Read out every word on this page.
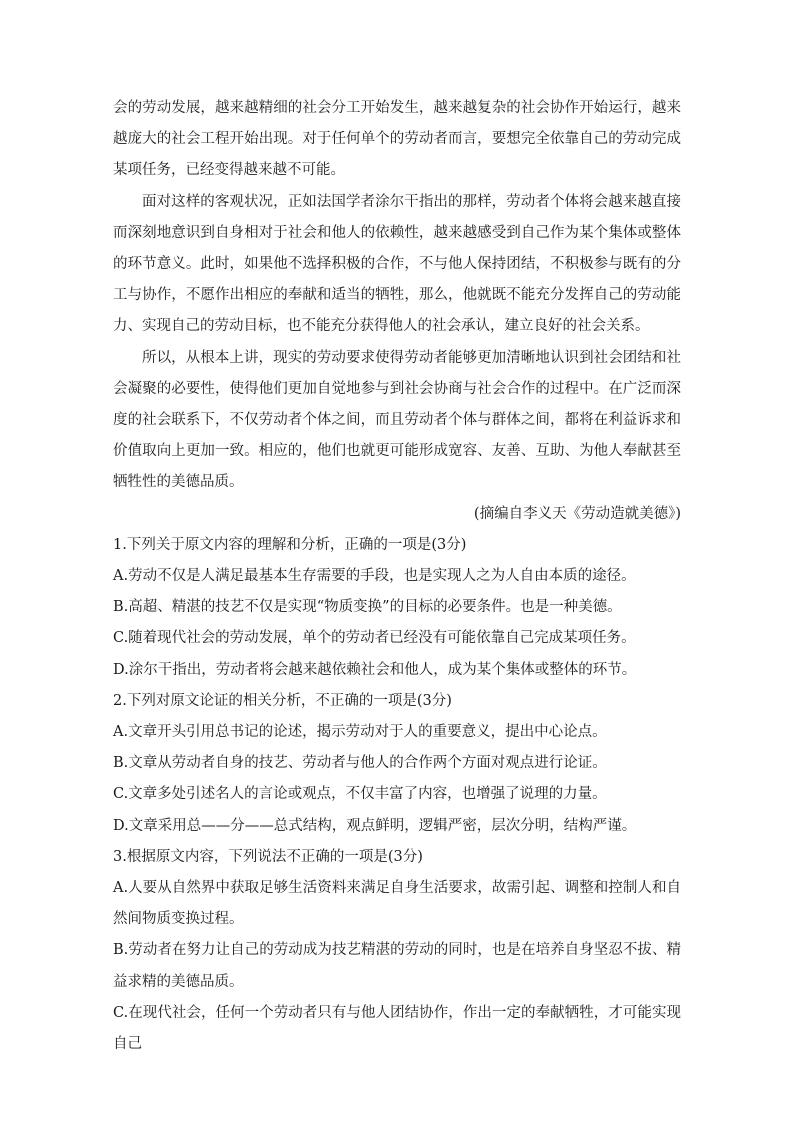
会的劳动发展，越来越精细的社会分工开始发生，越来越复杂的社会协作开始运行，越来越庞大的社会工程开始出现。对于任何单个的劳动者而言，要想完全依靠自己的劳动完成某项任务，已经变得越来越不可能。

面对这样的客观状况，正如法国学者涂尔干指出的那样，劳动者个体将会越来越直接而深刻地意识到自身相对于社会和他人的依赖性，越来越感受到自己作为某个集体或整体的环节意义。此时，如果他不选择积极的合作，不与他人保持团结，不积极参与既有的分工与协作，不愿作出相应的奉献和适当的牺牲，那么，他就既不能充分发挥自己的劳动能力、实现自己的劳动目标，也不能充分获得他人的社会承认，建立良好的社会关系。

所以，从根本上讲，现实的劳动要求使得劳动者能够更加清晰地认识到社会团结和社会凝聚的必要性，使得他们更加自觉地参与到社会协商与社会合作的过程中。在广泛而深度的社会联系下，不仅劳动者个体之间，而且劳动者个体与群体之间，都将在利益诉求和价值取向上更加一致。相应的，他们也就更可能形成宽容、友善、互助、为他人奉献甚至牺牲性的美德品质。

(摘编自李义天《劳动造就美德》)

1.下列关于原文内容的理解和分析，正确的一项是(3分)

A.劳动不仅是人满足最基本生存需要的手段，也是实现人之为人自由本质的途径。

B.高超、精湛的技艺不仅是实现“物质变换”的目标的必要条件。也是一种美德。

C.随着现代社会的劳动发展，单个的劳动者已经没有可能依靠自己完成某项任务。

D.涂尔干指出，劳动者将会越来越依赖社会和他人，成为某个集体或整体的环节。

2.下列对原文论证的相关分析，不正确的一项是(3分)

A.文章开头引用总书记的论述，揭示劳动对于人的重要意义，提出中心论点。

B.文章从劳动者自身的技艺、劳动者与他人的合作两个方面对观点进行论证。

C.文章多处引述名人的言论或观点，不仅丰富了内容，也增强了说理的力量。

D.文章采用总——分——总式结构，观点鲜明，逻辑严密，层次分明，结构严谨。

3.根据原文内容，下列说法不正确的一项是(3分)

A.人要从自然界中获取足够生活资料来满足自身生活要求，故需引起、调整和控制人和自然间物质变换过程。

B.劳动者在努力让自己的劳动成为技艺精湛的劳动的同时，也是在培养自身坚忍不拔、精益求精的美德品质。

C.在现代社会，任何一个劳动者只有与他人团结协作，作出一定的奉献牺牲，才可能实现自己
